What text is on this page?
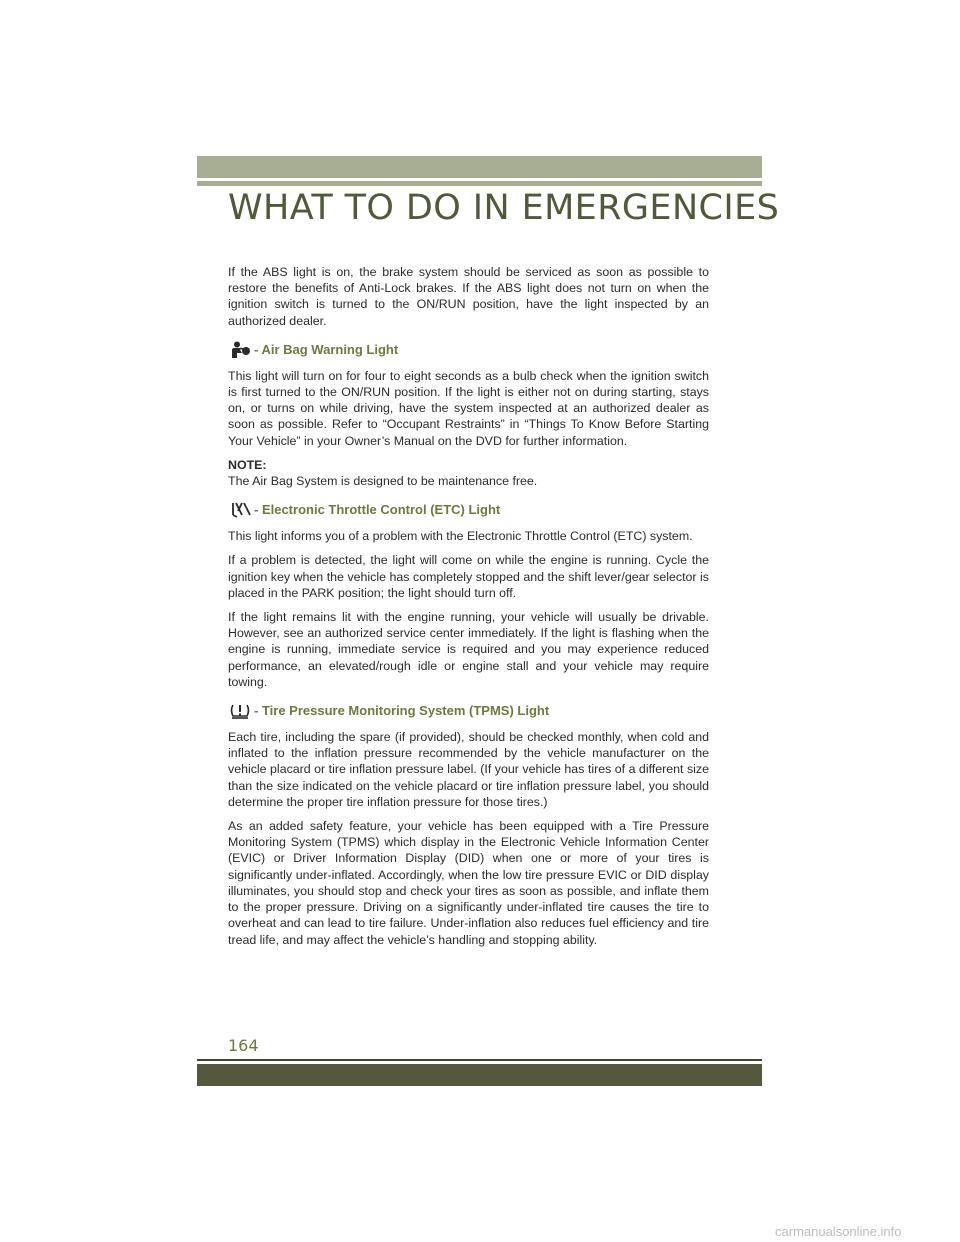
WHAT TO DO IN EMERGENCIES

If the ABS light is on, the brake system should be serviced as soon as possible to restore the benefits of Anti-Lock brakes. If the ABS light does not turn on when the ignition switch is turned to the ON/RUN position, have the light inspected by an authorized dealer.

- Air Bag Warning Light

This light will turn on for four to eight seconds as a bulb check when the ignition switch is first turned to the ON/RUN position. If the light is either not on during starting, stays on, or turns on while driving, have the system inspected at an authorized dealer as soon as possible. Refer to “Occupant Restraints” in “Things To Know Before Starting Your Vehicle” in your Owner’s Manual on the DVD for further information.

NOTE:

The Air Bag System is designed to be maintenance free.

- Electronic Throttle Control (ETC) Light

This light informs you of a problem with the Electronic Throttle Control (ETC) system.

If a problem is detected, the light will come on while the engine is running. Cycle the ignition key when the vehicle has completely stopped and the shift lever/gear selector is placed in the PARK position; the light should turn off.

If the light remains lit with the engine running, your vehicle will usually be drivable. However, see an authorized service center immediately. If the light is flashing when the engine is running, immediate service is required and you may experience reduced performance, an elevated/rough idle or engine stall and your vehicle may require towing.

- Tire Pressure Monitoring System (TPMS) Light

Each tire, including the spare (if provided), should be checked monthly, when cold and inflated to the inflation pressure recommended by the vehicle manufacturer on the vehicle placard or tire inflation pressure label. (If your vehicle has tires of a different size than the size indicated on the vehicle placard or tire inflation pressure label, you should determine the proper tire inflation pressure for those tires.)

As an added safety feature, your vehicle has been equipped with a Tire Pressure Monitoring System (TPMS) which display in the Electronic Vehicle Information Center (EVIC) or Driver Information Display (DID) when one or more of your tires is significantly under-inflated. Accordingly, when the low tire pressure EVIC or DID display illuminates, you should stop and check your tires as soon as possible, and inflate them to the proper pressure. Driving on a significantly under-inflated tire causes the tire to overheat and can lead to tire failure. Under-inflation also reduces fuel efficiency and tire tread life, and may affect the vehicle’s handling and stopping ability.

164
carmanualsonline.info
